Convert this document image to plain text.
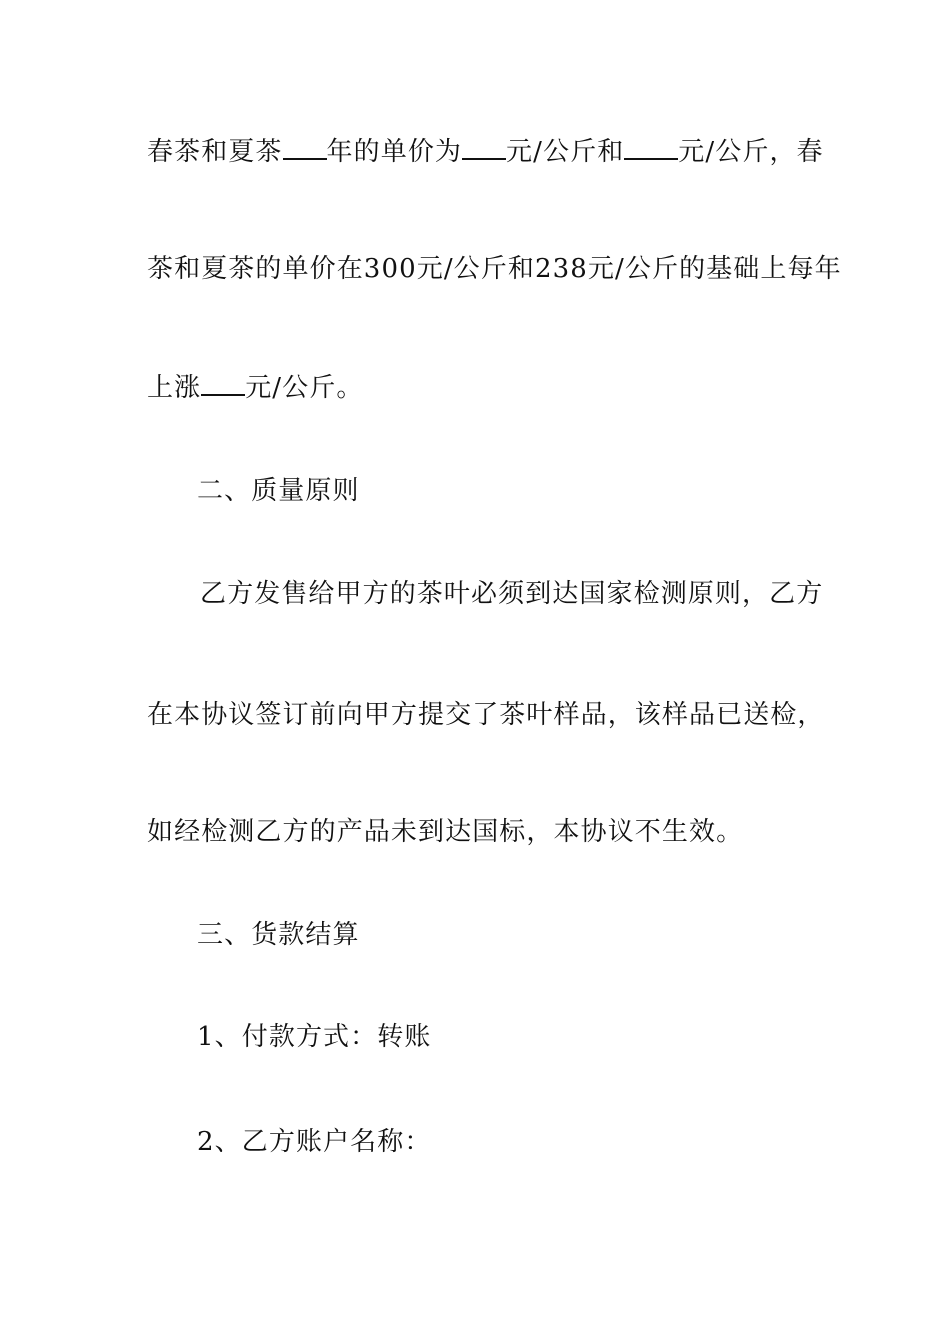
春茶和夏茶 年的单价为 元/公斤和 元/公斤，春
茶和夏茶的单价在300元/公斤和238元/公斤的基础上每年
上涨 元/公斤。
二、质量原则
乙方发售给甲方的茶叶必须到达国家检测原则，乙方
在本协议签订前向甲方提交了茶叶样品，该样品已送检，
如经检测乙方的产品未到达国标，本协议不生效。
三、货款结算
1、付款方式：转账
2、乙方账户名称：
